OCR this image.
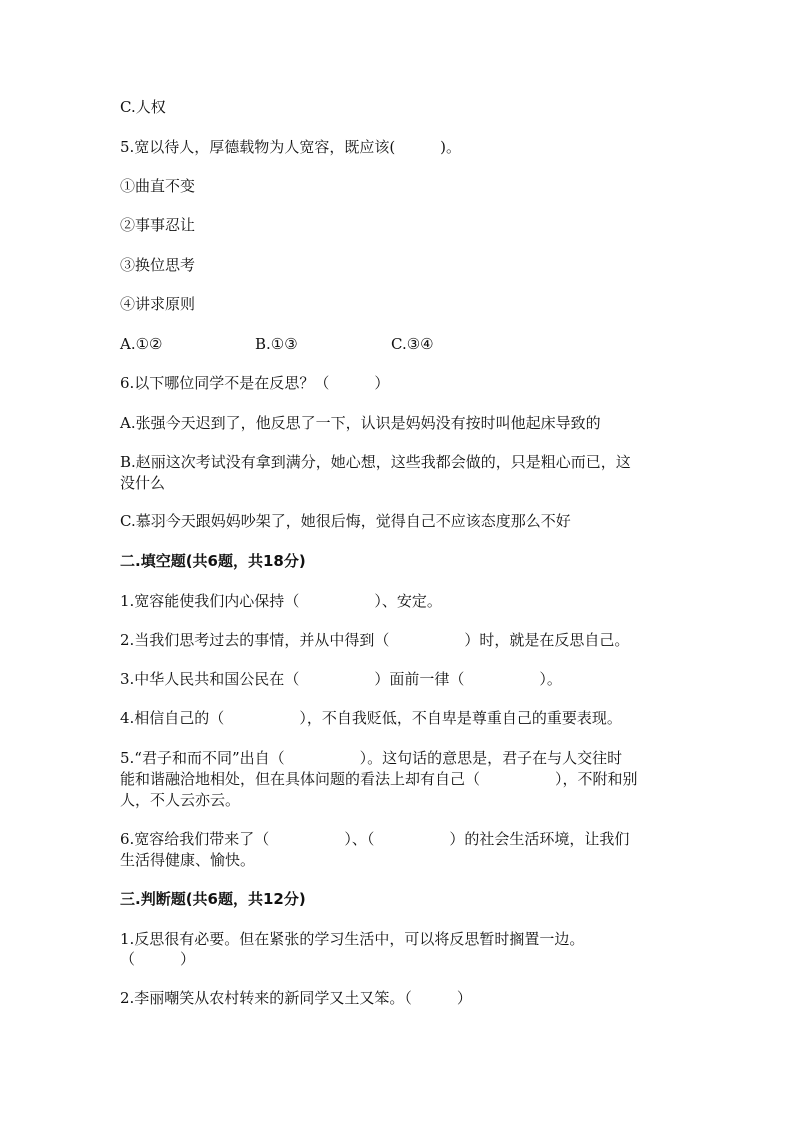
C.人权
5.宽以待人，厚德载物为人宽容，既应该(　　　)。
①曲直不变
②事事忍让
③换位思考
④讲求原则
A.①②	B.①③	C.③④
6.以下哪位同学不是在反思？（　　　）
A.张强今天迟到了，他反思了一下，认识是妈妈没有按时叫他起床导致的
B.赵丽这次考试没有拿到满分，她心想，这些我都会做的，只是粗心而已，这
没什么
C.慕羽今天跟妈妈吵架了，她很后悔，觉得自己不应该态度那么不好
二.填空题(共6题，共18分)
1.宽容能使我们内心保持（　　　　　）、安定。
2.当我们思考过去的事情，并从中得到（　　　　　）时，就是在反思自己。
3.中华人民共和国公民在（　　　　　）面前一律（　　　　　）。
4.相信自己的（　　　　　），不自我贬低，不自卑是尊重自己的重要表现。
5.“君子和而不同”出自（　　　　　）。这句话的意思是，君子在与人交往时
能和谐融洽地相处，但在具体问题的看法上却有自己（　　　　　），不附和别
人，不人云亦云。
6.宽容给我们带来了（　　　　　）、（　　　　　）的社会生活环境，让我们
生活得健康、愉快。
三.判断题(共6题，共12分)
1.反思很有必要。但在紧张的学习生活中，可以将反思暂时搁置一边。
（　　　）
2.李丽嘲笑从农村转来的新同学又土又笨。（　　　）
